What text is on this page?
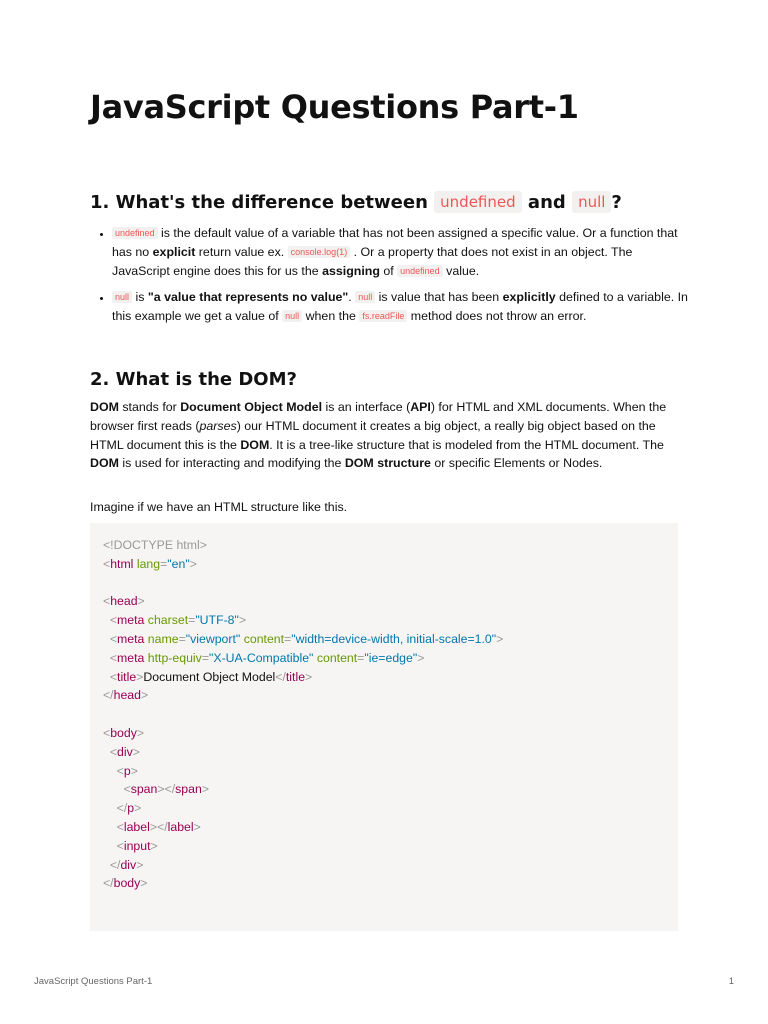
JavaScript Questions Part-1
1. What's the difference between undefined and null ?
• undefined is the default value of a variable that has not been assigned a specific value. Or a function that has no explicit return value ex. console.log(1) . Or a property that does not exist in an object. The JavaScript engine does this for us the assigning of undefined value.
• null is "a value that represents no value". null is value that has been explicitly defined to a variable. In this example we get a value of null when the fs.readFile method does not throw an error.
2. What is the DOM?

DOM stands for Document Object Model is an interface (API) for HTML and XML documents. When the browser first reads (parses) our HTML document it creates a big object, a really big object based on the HTML document this is the DOM. It is a tree-like structure that is modeled from the HTML document. The DOM is used for interacting and modifying the DOM structure or specific Elements or Nodes.

Imagine if we have an HTML structure like this.

<!DOCTYPE html>
<html lang="en">

<head>
<meta charset="UTF-8">
<meta name="viewport" content="width=device-width, initial-scale=1.0">
<meta http-equiv="X-UA-Compatible" content="ie=edge">
<title>Document Object Model</title>
</head>

<body>
<div>
<p>
<span></span>
</p>
<label></label>
<input>
</div>
</body>
JavaScript Questions Part-1	1
